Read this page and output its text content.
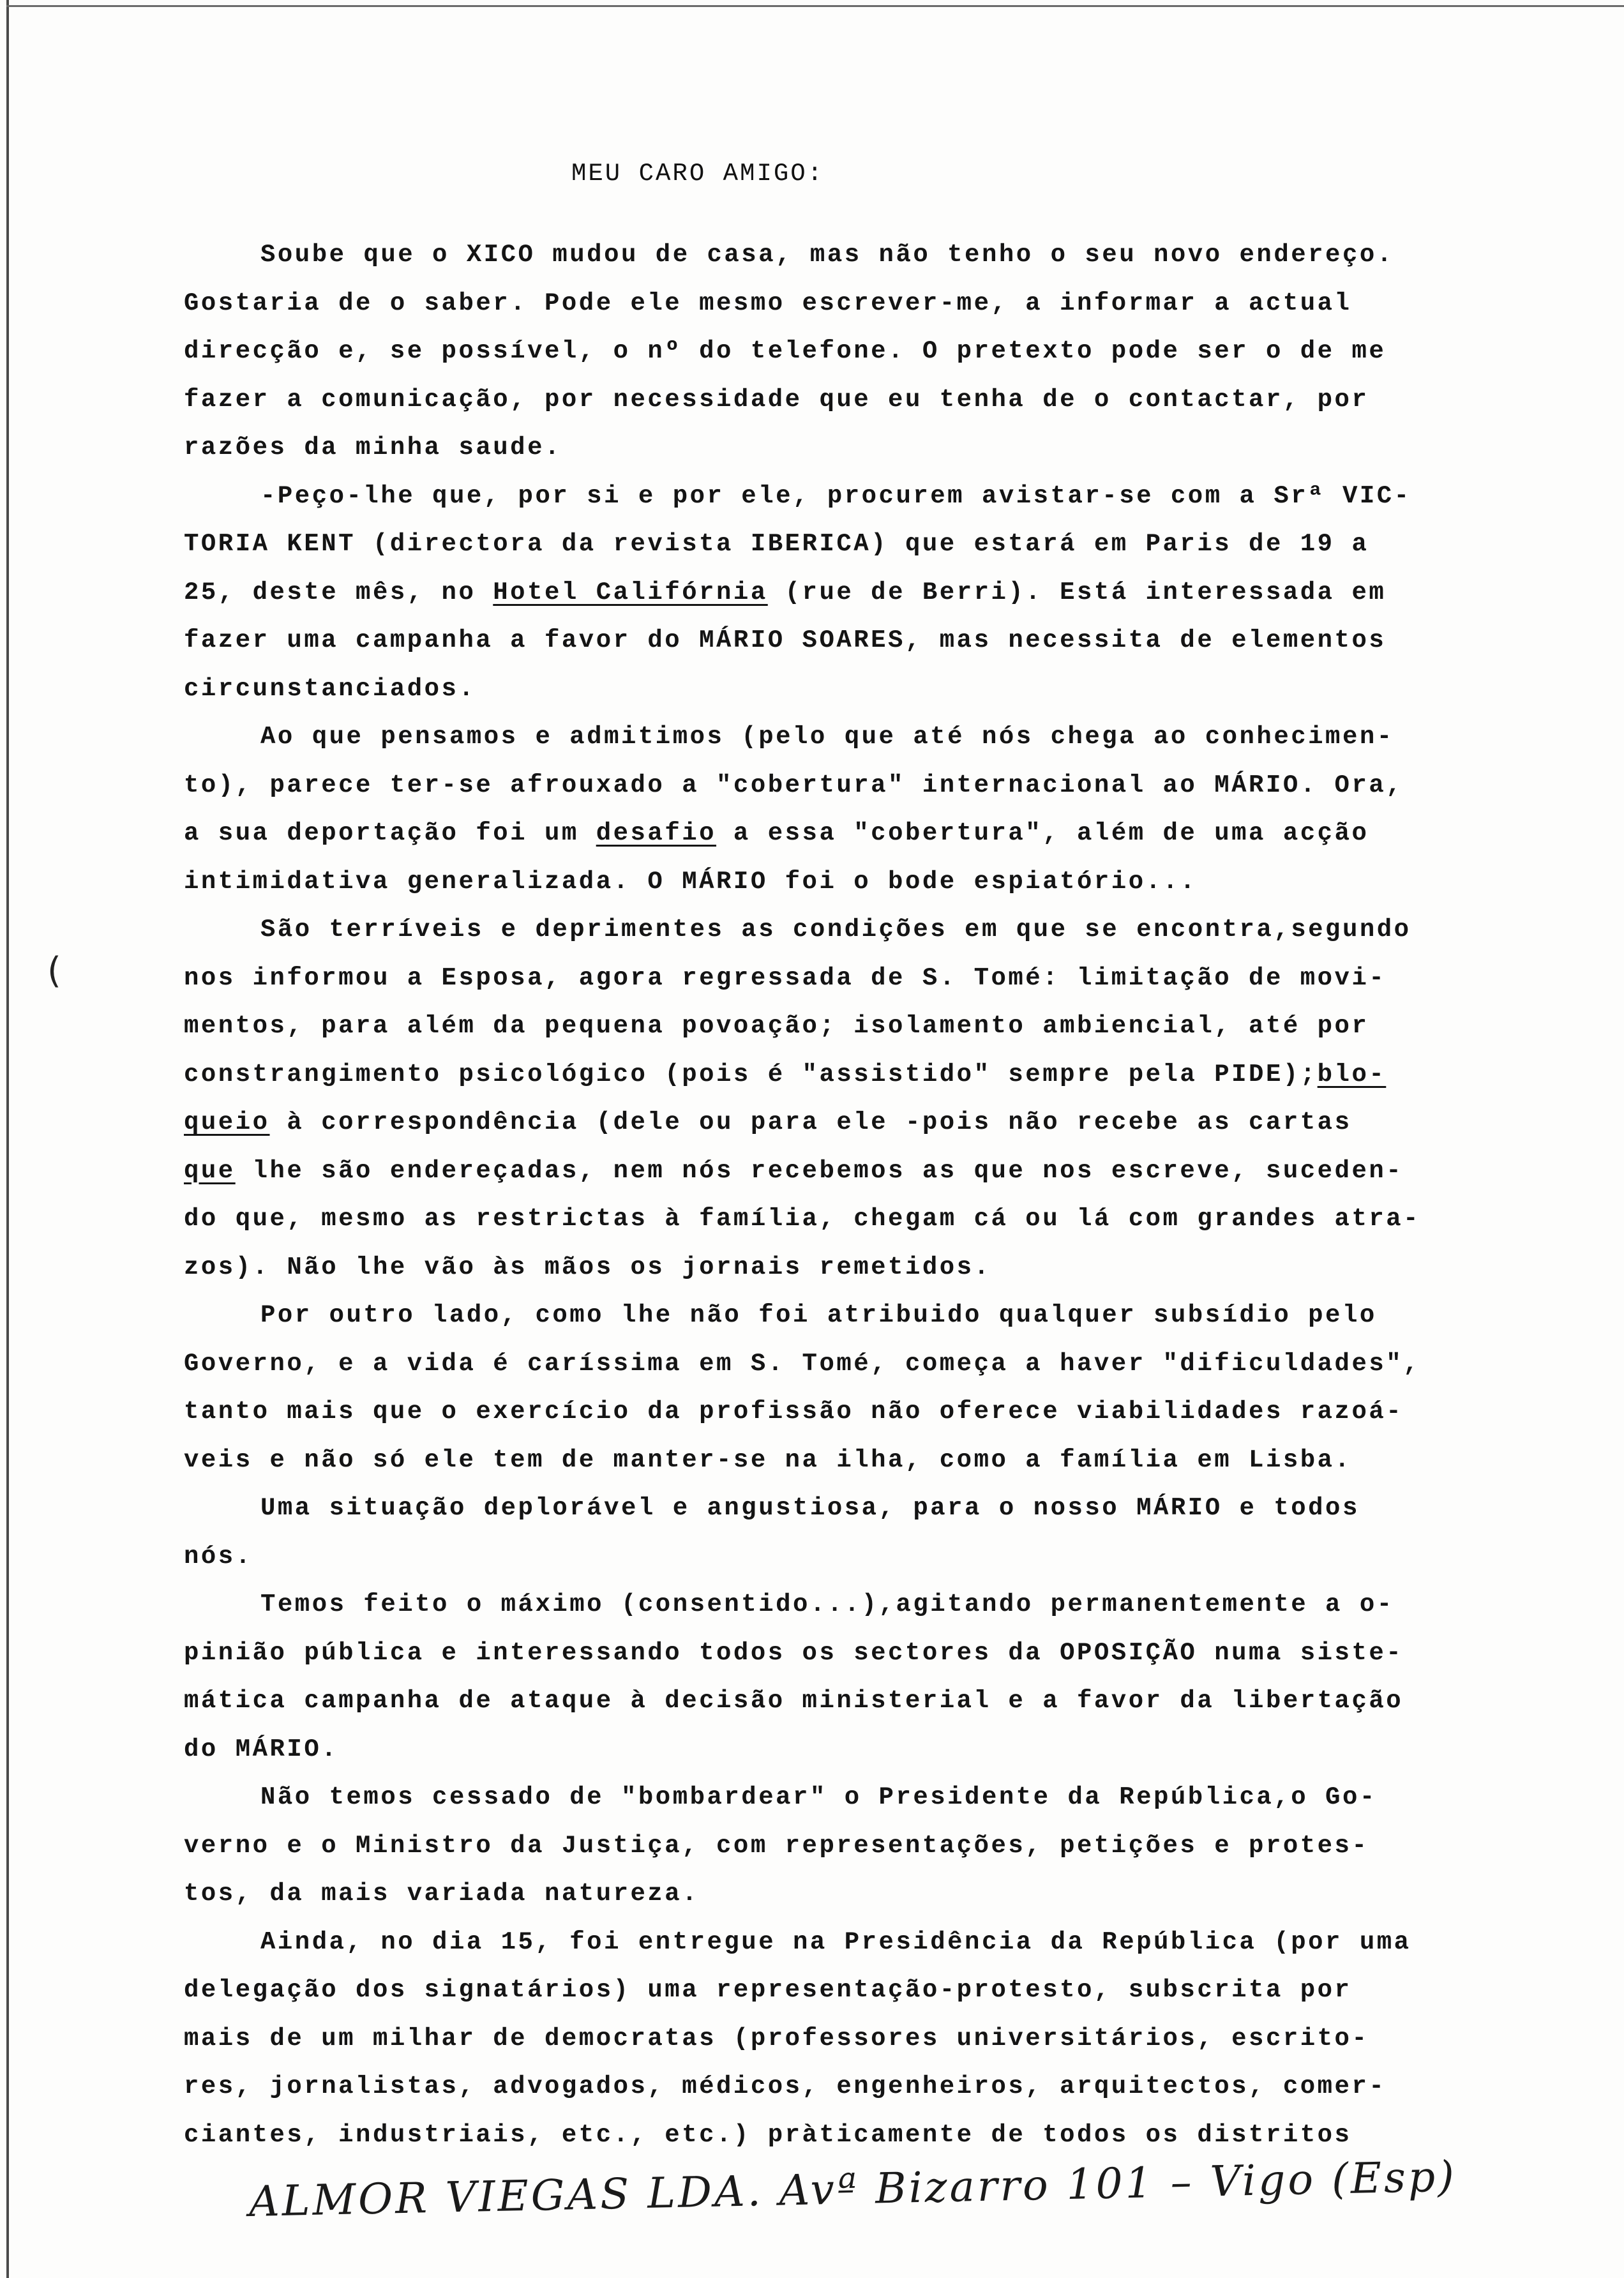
(
MEU CARO AMIGO:
Soube que o XICO mudou de casa, mas não tenho o seu novo endereço.
Gostaria de o saber. Pode ele mesmo escrever-me, a informar a actual
direcção e, se possível, o nº do telefone. O pretexto pode ser o de me
fazer a comunicação, por necessidade que eu tenha de o contactar, por
razões da minha saude.
-Peço-lhe que, por si e por ele, procurem avistar-se com a Srª VIC-
TORIA KENT (directora da revista IBERICA) que estará em Paris de 19 a
25, deste mês, no Hotel Califórnia (rue de Berri). Está interessada em
fazer uma campanha a favor do MÁRIO SOARES, mas necessita de elementos
circunstanciados.
Ao que pensamos e admitimos (pelo que até nós chega ao conhecimen-
to), parece ter-se afrouxado a "cobertura" internacional ao MÁRIO. Ora,
a sua deportação foi um desafio a essa "cobertura", além de uma acção
intimidativa generalizada. O MÁRIO foi o bode espiatório...
São terríveis e deprimentes as condições em que se encontra,segundo
nos informou a Esposa, agora regressada de S. Tomé: limitação de movi-
mentos, para além da pequena povoação; isolamento ambiencial, até por
constrangimento psicológico (pois é "assistido" sempre pela PIDE);blo-
queio à correspondência (dele ou para ele -pois não recebe as cartas
que lhe são endereçadas, nem nós recebemos as que nos escreve, suceden-
do que, mesmo as restrictas à família, chegam cá ou lá com grandes atra-
zos). Não lhe vão às mãos os jornais remetidos.
Por outro lado, como lhe não foi atribuido qualquer subsídio pelo
Governo, e a vida é caríssima em S. Tomé, começa a haver "dificuldades",
tanto mais que o exercício da profissão não oferece viabilidades razoá-
veis e não só ele tem de manter-se na ilha, como a família em Lisba.
Uma situação deplorável e angustiosa, para o nosso MÁRIO e todos
nós.
Temos feito o máximo (consentido...),agitando permanentemente a o-
pinião pública e interessando todos os sectores da OPOSIÇÃO numa siste-
mática campanha de ataque à decisão ministerial e a favor da libertação
do MÁRIO.
Não temos cessado de "bombardear" o Presidente da República,o Go-
verno e o Ministro da Justiça, com representações, petições e protes-
tos, da mais variada natureza.
Ainda, no dia 15, foi entregue na Presidência da República (por uma
delegação dos signatários) uma representação-protesto, subscrita por
mais de um milhar de democratas (professores universitários, escrito-
res, jornalistas, advogados, médicos, engenheiros, arquitectos, comer-
ciantes, industriais, etc., etc.) pràticamente de todos os distritos
ALMOR VIEGAS LDA. Avª Bizarro 101 – Vigo (Esp)
